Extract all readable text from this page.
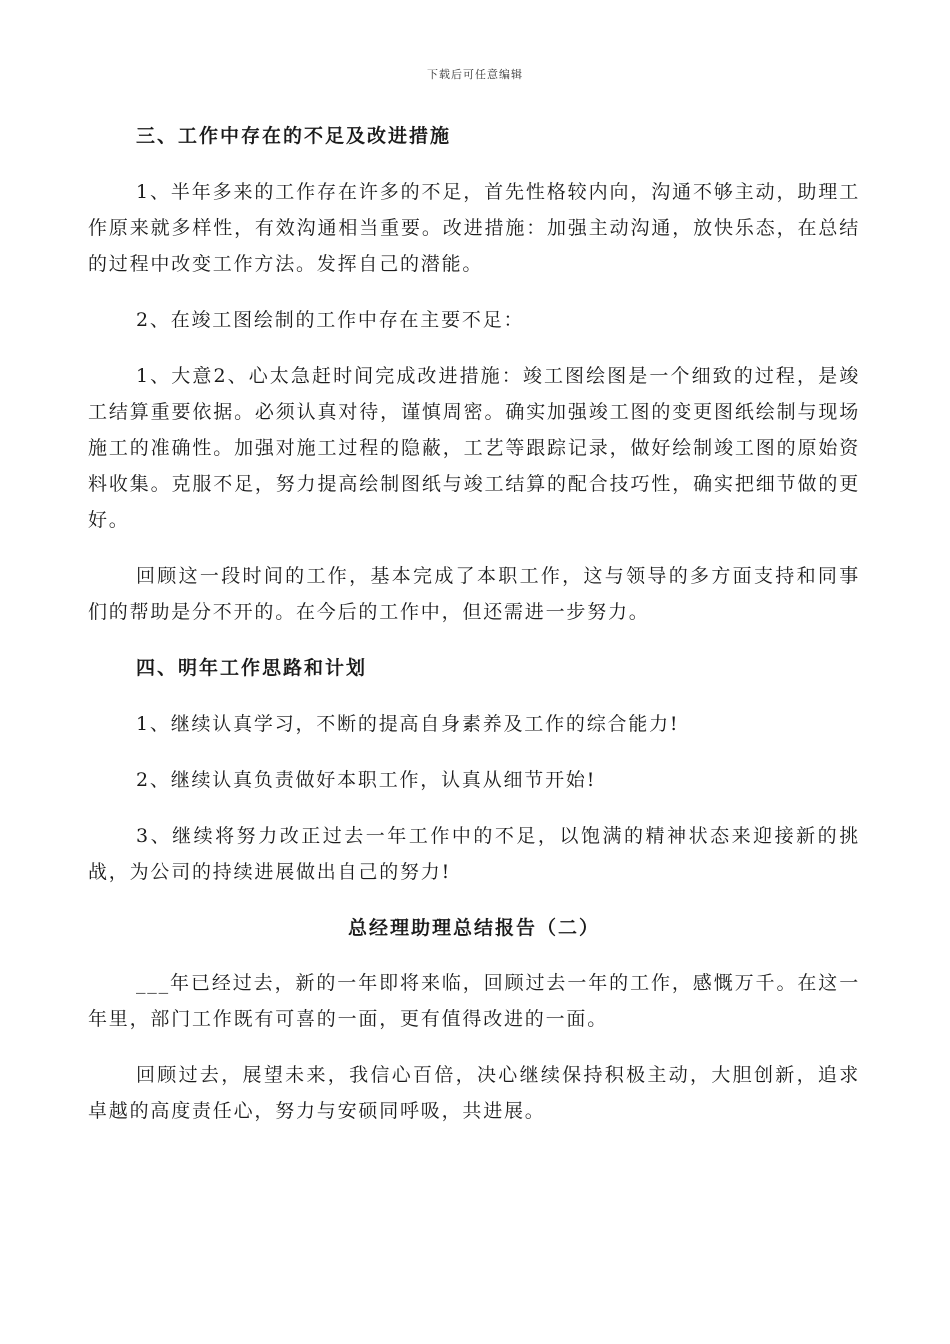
下载后可任意编辑
三、工作中存在的不足及改进措施

1、半年多来的工作存在许多的不足，首先性格较内向，沟通不够主动，助理工作原来就多样性，有效沟通相当重要。改进措施：加强主动沟通，放快乐态，在总结的过程中改变工作方法。发挥自己的潜能。

2、在竣工图绘制的工作中存在主要不足：

1、大意2、心太急赶时间完成改进措施：竣工图绘图是一个细致的过程，是竣工结算重要依据。必须认真对待，谨慎周密。确实加强竣工图的变更图纸绘制与现场施工的准确性。加强对施工过程的隐蔽，工艺等跟踪记录，做好绘制竣工图的原始资料收集。克服不足，努力提高绘制图纸与竣工结算的配合技巧性，确实把细节做的更好。

回顾这一段时间的工作，基本完成了本职工作，这与领导的多方面支持和同事们的帮助是分不开的。在今后的工作中，但还需进一步努力。

四、明年工作思路和计划

1、继续认真学习，不断的提高自身素养及工作的综合能力!

2、继续认真负责做好本职工作，认真从细节开始!

3、继续将努力改正过去一年工作中的不足，以饱满的精神状态来迎接新的挑战，为公司的持续进展做出自己的努力!

总经理助理总结报告（二）

___年已经过去，新的一年即将来临，回顾过去一年的工作，感慨万千。在这一年里，部门工作既有可喜的一面，更有值得改进的一面。

回顾过去，展望未来，我信心百倍，决心继续保持积极主动，大胆创新，追求卓越的高度责任心，努力与安硕同呼吸，共进展。
